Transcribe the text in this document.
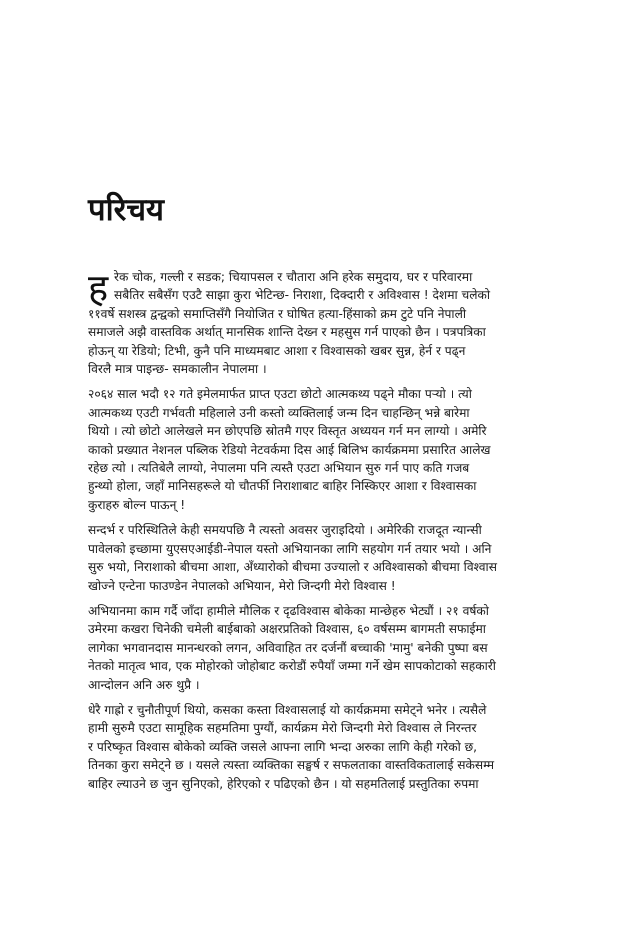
परिचय
ह रेक चोक, गल्ली र सडक; चियापसल र चौतारा अनि हरेक समुदाय, घर र परिवारमा
सबैतिर सबैसँग एउटै साझा कुरा भेटिन्छ- निराशा, दिक्दारी र अविश्वास ! देशमा चलेको
११वर्षे सशस्त्र द्वन्द्वको समाप्तिसँगै नियोजित र घोषित हत्या-हिंसाको क्रम टुटे पनि नेपाली
समाजले अझै वास्तविक अर्थात् मानसिक शान्ति देख्न र महसुस गर्न पाएको छैन । पत्रपत्रिका
होऊन् या रेडियो; टिभी, कुनै पनि माध्यमबाट आशा र विश्वासको खबर सुन्न, हेर्न र पढ्न
विरलै मात्र पाइन्छ- समकालीन नेपालमा ।
२०६४ साल भदौ १२ गते इमेलमार्फत प्राप्त एउटा छोटो आत्मकथ्य पढ्ने मौका पर्‍यो । त्यो
आत्मकथ्य एउटी गर्भवती महिलाले उनी कस्तो व्यक्तिलाई जन्म दिन चाहन्छिन् भन्ने बारेमा
थियो । त्यो छोटो आलेखले मन छोएपछि स्रोतमै गएर विस्तृत अध्ययन गर्न मन लाग्यो । अमेरि
काको प्रख्यात नेशनल पब्लिक रेडियो नेटवर्कमा दिस आई बिलिभ कार्यक्रममा प्रसारित आलेख
रहेछ त्यो । त्यतिबेलै लाग्यो, नेपालमा पनि त्यस्तै एउटा अभियान सुरु गर्न पाए कति गजब
हुन्थ्यो होला, जहाँ मानिसहरूले यो चौतर्फी निराशाबाट बाहिर निस्किएर आशा र विश्वासका
कुराहरु बोल्न पाऊन् !
सन्दर्भ र परिस्थितिले केही समयपछि नै त्यस्तो अवसर जुराइदियो । अमेरिकी राजदूत न्यान्सी
पावेलको इच्छामा युएसएआईडी-नेपाल यस्तो अभियानका लागि सहयोग गर्न तयार भयो । अनि
सुरु भयो, निराशाको बीचमा आशा, अँध्यारोको बीचमा उज्यालो र अविश्वासको बीचमा विश्वास
खोज्ने एन्टेना फाउण्डेन नेपालको अभियान, मेरो जिन्दगी मेरो विश्वास !
अभियानमा काम गर्दै जाँदा हामीले मौलिक र दृढविश्वास बोकेका मान्छेहरु भेट्यौं । २१ वर्षको
उमेरमा कखरा चिनेकी चमेली बाईबाको अक्षरप्रतिको विश्वास, ६० वर्षसम्म बागमती सफाईमा
लागेका भगवानदास मानन्धरको लगन, अविवाहित तर दर्जनौं बच्चाकी 'मामु' बनेकी पुष्पा बस
नेतको मातृत्व भाव, एक मोहोरको जोहोबाट करोडौं रुपैयाँ जम्मा गर्ने खेम सापकोटाको सहकारी
आन्दोलन अनि अरु थुप्रै ।
धेरै गाह्रो र चुनौतीपूर्ण थियो, कसका कस्ता विश्वासलाई यो कार्यक्रममा समेट्ने भनेर । त्यसैले
हामी सुरुमै एउटा सामूहिक सहमतिमा पुग्यौं, कार्यक्रम मेरो जिन्दगी मेरो विश्वास ले निरन्तर
र परिष्कृत विश्वास बोकेको व्यक्ति जसले आफ्ना लागि भन्दा अरुका लागि केही गरेको छ,
तिनका कुरा समेट्ने छ । यसले त्यस्ता व्यक्तिका सङ्घर्ष र सफलताका वास्तविकतालाई सकेसम्म
बाहिर ल्याउने छ जुन सुनिएको, हेरिएको र पढिएको छैन । यो सहमतिलाई प्रस्तुतिका रुपमा
